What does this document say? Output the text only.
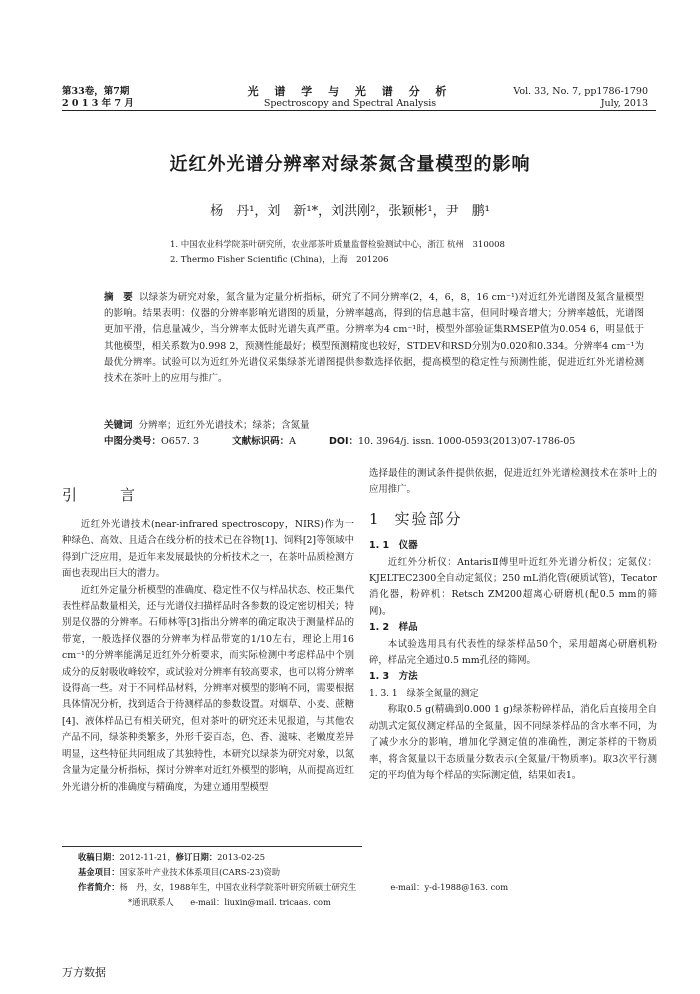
第33卷，第7期
2 0 1 3 年 7 月
光 谱 学 与 光 谱 分 析
Spectroscopy and Spectral Analysis
Vol. 33, No. 7, pp1786-1790
July, 2013
近红外光谱分辨率对绿茶氮含量模型的影响
杨　丹¹，刘　新¹*，刘洪刚²，张颖彬¹，尹　鹏¹
1. 中国农业科学院茶叶研究所，农业部茶叶质量监督检验测试中心，浙江 杭州　310008
2. Thermo Fisher Scientific (China)，上海　201206
摘　要 以绿茶为研究对象，氮含量为定量分析指标，研究了不同分辨率(2，4，6，8，16 cm⁻¹)对近红外光谱图及氮含量模型的影响。结果表明：仪器的分辨率影响光谱图的质量，分辨率越高，得到的信息越丰富，但同时噪音增大；分辨率越低，光谱图更加平滑，信息量减少，当分辨率太低时光谱失真严重。分辨率为4 cm⁻¹时，模型外部验证集RMSEP值为0.054 6，明显低于其他模型，相关系数为0.998 2，预测性能最好；模型预测精度也较好，STDEV和RSD分别为0.020和0.334。分辨率4 cm⁻¹为最优分辨率。试验可以为近红外光谱仪采集绿茶光谱图提供参数选择依据，提高模型的稳定性与预测性能，促进近红外光谱检测技术在茶叶上的应用与推广。
关键词 分辨率；近红外光谱技术；绿茶；含氮量
中图分类号：O657. 3	文献标识码：A	DOI：10. 3964/j. issn. 1000-0593(2013)07-1786-05
引　言

近红外光谱技术(near-infrared spectroscopy，NIRS)作为一种绿色、高效、且适合在线分析的技术已在谷物[1]、饲料[2]等领域中得到广泛应用，是近年来发展最快的分析技术之一，在茶叶品质检测方面也表现出巨大的潜力。

近红外定量分析模型的准确度、稳定性不仅与样品状态、校正集代表性样品数量相关，还与光谱仪扫描样品时各参数的设定密切相关；特别是仪器的分辨率。石师林等[3]指出分辨率的确定取决于测量样品的带宽，一般选择仪器的分辨率为样品带宽的1/10左右，理论上用16 cm⁻¹的分辨率能满足近红外分析要求，而实际检测中考虑样品中个别成分的反射吸收峰较窄，或试验对分辨率有较高要求，也可以将分辨率设得高一些。对于不同样品材料，分辨率对模型的影响不同，需要根据具体情况分析，找到适合于待测样品的参数设置。对烟草、小麦、蔗糖[4]、液体样品已有相关研究，但对茶叶的研究还未见报道，与其他农产品不同，绿茶种类繁多，外形千姿百态，色、香、滋味、老嫩度差异明显，这些特征共同组成了其独特性，本研究以绿茶为研究对象，以氮含量为定量分析指标，探讨分辨率对近红外模型的影响，从而提高近红外光谱分析的准确度与精确度，为建立通用型模型

选择最佳的测试条件提供依据，促进近红外光谱检测技术在茶叶上的应用推广。
1 实验部分
1. 1　仪器

近红外分析仪：AntarisⅡ傅里叶近红外光谱分析仪；定氮仪：KJELTEC2300全自动定氮仪；250 mL消化管(硬质试管)，Tecator消化器，粉碎机：Retsch ZM200超离心研磨机(配0.5 mm的筛网)。

1. 2　样品

本试验选用具有代表性的绿茶样品50个，采用超离心研磨机粉碎，样品完全通过0.5 mm孔径的筛网。

1. 3　方法
1. 3. 1　绿茶全氮量的测定

称取0.5 g(精确到0.000 1 g)绿茶粉碎样品，消化后直接用全自动凯式定氮仪测定样品的全氮量，因不同绿茶样品的含水率不同，为了减少水分的影响，增加化学测定值的准确性，测定茶样的干物质率，将含氮量以干态质量分数表示(全氮量/干物质率)。取3次平行测定的平均值为每个样品的实际测定值，结果如表1。

收稿日期：2012-11-21，修订日期：2013-02-25
基金项目：国家茶叶产业技术体系项目(CARS-23)资助
作者简介：杨　丹，女，1988年生，中国农业科学院茶叶研究所硕士研究生	e-mail：y-d-1988@163. com
*通讯联系人　　e-mail：liuxin@mail. tricaas. com
万方数据
